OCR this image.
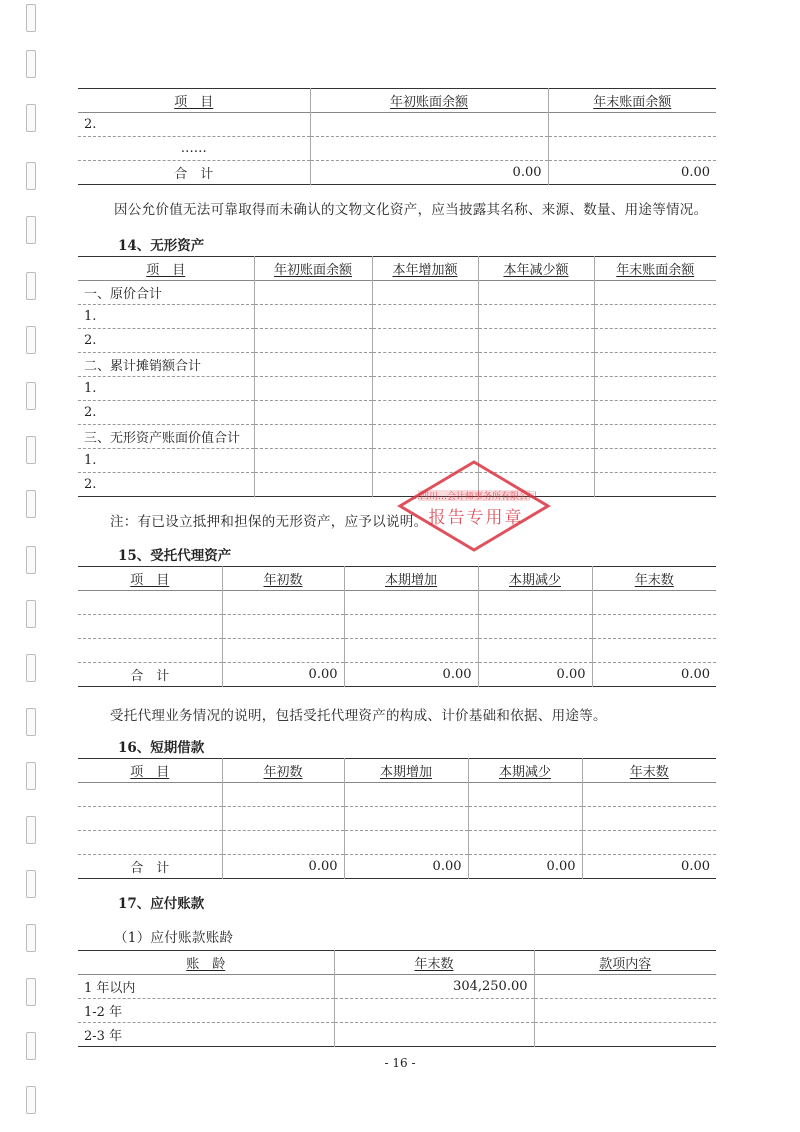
项　目	年初账面余额	年末账面余额
2.		
……		
合　计	0.00	0.00
因公允价值无法可靠取得而未确认的文物文化资产，应当披露其名称、来源、数量、用途等情况。
14、无形资产
项　目	年初账面余额	本年增加额	本年减少额	年末账面余额
一、原价合计				
1.				
2.				
二、累计摊销额合计				
1.				
2.				
三、无形资产账面价值合计				
1.				
2.				
注：有已设立抵押和担保的无形资产，应予以说明。
15、受托代理资产
项　目	年初数	本期增加	本期减少	年末数

合　计	0.00	0.00	0.00	0.00
受托代理业务情况的说明，包括受托代理资产的构成、计价基础和依据、用途等。
16、短期借款
项　目	年初数	本期增加	本期减少	年末数

合　计	0.00	0.00	0.00	0.00
17、应付账款
（1）应付账款账龄
账　龄	年末数	款项内容
1 年以内	304,250.00	
1-2 年		
2-3 年		
- 16 -
…四川…会计师事务所有限公司
报告专用章
